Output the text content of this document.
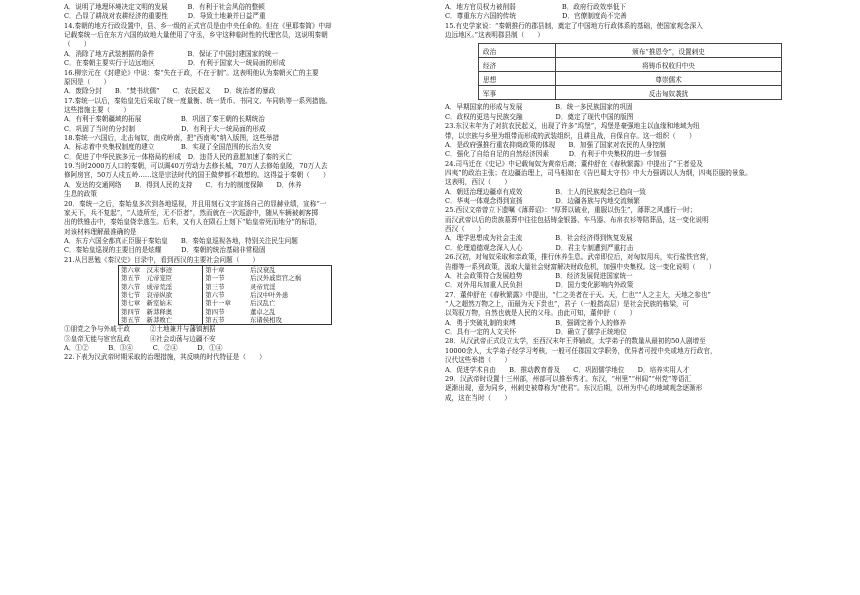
A．说明了地理环境决定文明的发展　　　B．有利于社会风俗的整顿
C．凸显了耕战对农耕经济的重要性　　　D．导致土地兼并日益严重
14.秦朝的地方行政设置中，县、乡一级的正式官员是由中央任命的。但在《里耶秦简》中却
记载秦统一后在东方六国的故地大量使用了守丞，乡守这种临时性的代理官员，这说明秦朝
（　　）
A．消除了地方武装割据的条件　　　　　B．保证了中国封建国家的统一
C．在秦朝主要实行于边远地区　　　　　D．有利于国家大一统局面的形成
16.柳宗元在《封建论》中说：秦“失在于政，不在于制”。这表明他认为秦朝灭亡的主要
原因是（　　）
A．废除分封　　B．“焚书坑儒”　　C．农民起义　　D．统治者的暴政
17.秦统一以后，秦始皇先后采取了统一度量衡、统一货币、书同文、车同轨等一系列措施。
这些措施主要（　　）
A．有利于秦朝疆域的拓展　　　　　　B．巩固了秦王朝的长期统治
C．巩固了当时的分封制　　　　　　　D．有利于大一统局面的形成
18.秦统一六国后，北击匈奴，南戍岭南，把“西南夷”纳入版图，这些举措
A．标志着中央集权制度的建立　　　　B．实现了全国范围的长治久安
C．促进了中华民族多元一体格局的形成　D．违背人民的意愿加速了秦的灭亡
19.当时2000万人口的秦朝，可以调40万劳动力去修长城，70万人去修始皇陵，70万人去
修阿房宫，50万人戍五岭……这是宗法时代的国王做梦都不敢想的。这得益于秦朝（　　）
A．发达的交通网络　　B．得到人民的支持　　C．有力的制度保障　　D．休养
生息的政策
20．秦统一之后，秦始皇多次到各地巡视，并且用刻石文字宣扬自己的显赫业绩，宣称“一
家天下，兵不复起”，“人迹所至，无不臣者”，然而就在一次巡游中，随从车辆被刺客掷
出的铁锥击中，秦始皇侥幸逃生。后来，又有人在陨石上刻下“始皇帝死而地分”的标语，
对该材料理解最准确的是
A．东方六国全都真正臣服于秦始皇　　B．秦始皇巡视各地，特别关注民生问题
C．秦始皇巡视的主要目的是炫耀　　　D．秦朝的统治基础非常稳固
21.从吕思勉《秦汉史》目录中，看到西汉的主要社会问题（　　）
第六章　汉末事迹	第十章	后汉衰乱
第五节　元帝宠臣	第一节	后汉外戚宦官之祸
第六节　成帝荒淫	第三节	灵帝荒淫
第七节　哀帝纵欲	第六节	后汉中叶外患
第七章　新室始末	第十一章	后汉乱亡
第四节　新莽释奥	第四节	董卓之乱
第五节　新莽败亡	第五节	东诸侯相攻
①朋党之争与外戚干政　　　②土地兼并与藩镇割据
③皇帝无能与宦官乱政　　　④社会动荡与边疆不安
A．①②　　　B．③④　　　C．②④　　　D．①④
22.下表为汉武帝时期采取的治理措施，其反映的时代特征是（　　）
A．地方官员权力被削弱　　　　　　　B．政府行政效率低下
C．尊重东方六国的传统　　　　　　　D．官僚制度尚不完善
15.有史学家说：“秦朝推行的郡县制，奠定了中国地方行政体系的基础，使国家观念深入
边远地区。”这表明郡县制（　　）
政治	颁布“推恩令”，设置刺史
经济	将铸币权收归中央
思想	尊崇儒术
军事	反击匈奴袭扰
A．早期国家的形成与发展　　　　　B．统一多民族国家的巩固
C．政权的更迭与民族交融　　　　　D．奠定了现代中国的版图
23.东汉末年为了对抗农民起义，出现了许多“坞堡”，坞堡是豪强地主以血缘和地域为纽
带，以宗族与乡里为组带而形成的武装组织，且耕且战，自保自存。这一组织（　　）
A．是政府强推行重农抑商政策的体现　　B．加强了国家对农民的人身控制
C．强化了自给自足的自然经济因素　　　D．有利于中央集权的进一步加强
24.司马迁在《史记》中记载匈奴为黄帝后裔；董仲舒在《春秋繁露》中提出了“王者爱及
四夷”的政治主张；在边疆治理上，司马相如在《告巴蜀太守书》中大力强调以人为纲，四夷臣服的景象。
这表明，西汉（　　）
A．朝廷治理边疆卓有成效　　　　　B．士人的民族观念已趋向一致
C．华夷一体观念得到宣扬　　　　　D．边疆各族与内地交流频繁
25.西汉文帝曾立下遗嘱《薄葬诏》：“厚葬以破业，重服以伤生”，薄葬之风盛行一时；
而汉武帝以后的贵族墓葬中往往包括铸金银器、车马器、布帛衣衫等陪葬品，这一变化说明
西汉（　　）
A．理学思想成为社会主流　　　　　B．社会经济得到恢复发展
C．伦理道德观念深入人心　　　　　D．君主专制遭到严重打击
26.汉初，对匈奴采取和亲政策，推行休养生息。武帝即位后，对匈奴用兵，实行盐铁官营，
告缗等一系列政策，汲取大量社会财富解决财政危机，加强中央集权。这一变化说明（　　）
A．社会政策符合发展趋势　　　　　B．经济发展促进国家统一
C．对外用兵加重人民负担　　　　　D．国力变化影响内外政策
27．董仲舒在《春秋繁露》中提出，“仁之美者在于天。天，仁也”“人之主大，天地之参也”
“人之超然万物之上，而最为天下贵也”，君子（一般指高层）是社会民族的栋梁，可
以驾驭万物，自然也就是人民的父母。由此可知，董仲舒（　　）
A．勇于突破礼制的束缚　　　　　　B．强调完善个人的修养
C．具有一定的人文关怀　　　　　　D．确立了儒学正统地位
28．从汉武帝正式设立太学，至西汉末年王莽辅政，太学弟子的数量从最初的50人剧增至
10000余人，太学弟子经学习考核，一般可任郡国文学职务，优异者可授中央或地方行政官，
汉代这些举措（　　）
A．促进学术自由　　B．推动教育普及　　C．巩固儒学地位　　D．培养实用人才
29．汉武帝时设置十三州部，州部可以推举秀才。东汉，“州里”“州闾”“州党”等语汇
逐渐出现，意为同乡，州刺史被尊称为“使君”。东汉后期，以州为中心的地域观念逐渐形
成，这在当时（　　）
